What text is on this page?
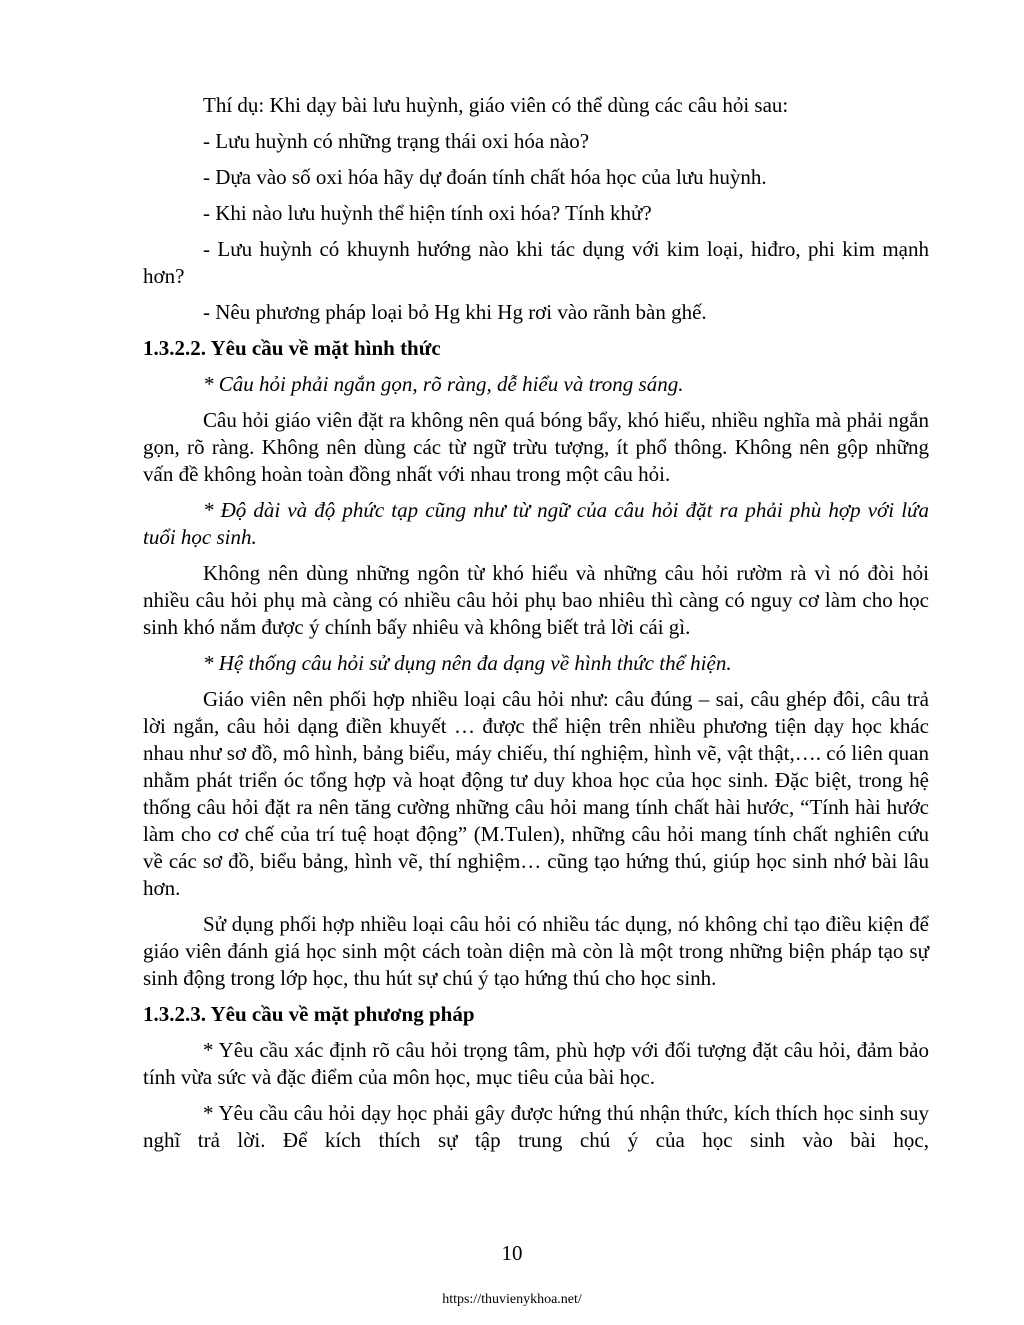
Thí dụ: Khi dạy bài lưu huỳnh, giáo viên có thể dùng các câu hỏi sau:

- Lưu huỳnh có những trạng thái oxi hóa nào?

- Dựa vào số oxi hóa hãy dự đoán tính chất hóa học của lưu huỳnh.

- Khi nào lưu huỳnh thể hiện tính oxi hóa? Tính khử?

- Lưu huỳnh có khuynh hướng nào khi tác dụng với kim loại, hiđro, phi kim mạnh hơn?

- Nêu phương pháp loại bỏ Hg khi Hg rơi vào rãnh bàn ghế.

1.3.2.2. Yêu cầu về mặt hình thức

* Câu hỏi phải ngắn gọn, rõ ràng, dễ hiểu và trong sáng.

Câu hỏi giáo viên đặt ra không nên quá bóng bẩy, khó hiểu, nhiều nghĩa mà phải ngắn gọn, rõ ràng. Không nên dùng các từ ngữ trừu tượng, ít phổ thông. Không nên gộp những vấn đề không hoàn toàn đồng nhất với nhau trong một câu hỏi.

* Độ dài và độ phức tạp cũng như từ ngữ của câu hỏi đặt ra phải phù hợp với lứa tuổi học sinh.

Không nên dùng những ngôn từ khó hiểu và những câu hỏi rườm rà vì nó đòi hỏi nhiều câu hỏi phụ mà càng có nhiều câu hỏi phụ bao nhiêu thì càng có nguy cơ làm cho học sinh khó nắm được ý chính bấy nhiêu và không biết trả lời cái gì.

* Hệ thống câu hỏi sử dụng nên đa dạng về hình thức thể hiện.

Giáo viên nên phối hợp nhiều loại câu hỏi như: câu đúng – sai, câu ghép đôi, câu trả lời ngắn, câu hỏi dạng điền khuyết … được thể hiện trên nhiều phương tiện dạy học khác nhau như sơ đồ, mô hình, bảng biểu, máy chiếu, thí nghiệm, hình vẽ, vật thật,…. có liên quan nhằm phát triển óc tổng hợp và hoạt động tư duy khoa học của học sinh. Đặc biệt, trong hệ thống câu hỏi đặt ra nên tăng cường những câu hỏi mang tính chất hài hước, “Tính hài hước làm cho cơ chế của trí tuệ hoạt động” (M.Tulen), những câu hỏi mang tính chất nghiên cứu về các sơ đồ, biểu bảng, hình vẽ, thí nghiệm… cũng tạo hứng thú, giúp học sinh nhớ bài lâu hơn.

Sử dụng phối hợp nhiều loại câu hỏi có nhiều tác dụng, nó không chỉ tạo điều kiện để giáo viên đánh giá học sinh một cách toàn diện mà còn là một trong những biện pháp tạo sự sinh động trong lớp học, thu hút sự chú ý tạo hứng thú cho học sinh.

1.3.2.3. Yêu cầu về mặt phương pháp

* Yêu cầu xác định rõ câu hỏi trọng tâm, phù hợp với đối tượng đặt câu hỏi, đảm bảo tính vừa sức và đặc điểm của môn học, mục tiêu của bài học.

* Yêu cầu câu hỏi dạy học phải gây được hứng thú nhận thức, kích thích học sinh suy nghĩ trả lời. Để kích thích sự tập trung chú ý của học sinh vào bài học,

10
https://thuvienykhoa.net/
